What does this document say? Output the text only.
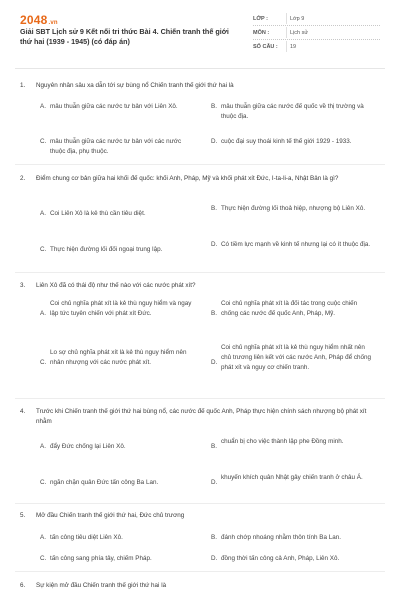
2048.vn
Giải SBT Lịch sử 9 Kết nối tri thức Bài 4. Chiến tranh thế giới thứ hai (1939 - 1945) (có đáp án)
LỚP :	Lớp 9
MÔN :	Lịch sử
SỐ CÂU :	19
1. Nguyên nhân sâu xa dẫn tới sự bùng nổ Chiến tranh thế giới thứ hai là
A. mâu thuẫn giữa các nước tư bản với Liên Xô.	B. mâu thuẫn giữa các nước đế quốc về thị trường và thuộc địa.
C. mâu thuẫn giữa các nước tư bản với các nước thuộc địa, phụ thuộc.
D. cuộc đại suy thoái kinh tế thế giới 1929 - 1933.
2. Điểm chung cơ bản giữa hai khối đế quốc: khối Anh, Pháp, Mỹ và khối phát xít Đức, I-ta-li-a, Nhật Bản là gì?
A. Coi Liên Xô là kẻ thù cần tiêu diệt.
B. Thực hiện đường lối thoả hiệp, nhượng bộ Liên Xô.
C. Thực hiện đường lối đối ngoại trung lập.
D. Có tiềm lực mạnh về kinh tế nhưng lại có ít thuộc địa.
3. Liên Xô đã có thái độ như thế nào với các nước phát xít?
A.
Coi chủ nghĩa phát xít là kẻ thù nguy hiểm và ngay lập tức tuyên chiến với phát xít Đức.	B.
Coi chủ nghĩa phát xít là đối tác trong cuộc chiến chống các nước đế quốc Anh, Pháp, Mỹ.
C.
Lo sợ chủ nghĩa phát xít là kẻ thù nguy hiểm nên nhân nhượng với các nước phát xít.	D.
Coi chủ nghĩa phát xít là kẻ thù nguy hiểm nhất nên chủ trương liên kết với các nước Anh, Pháp để chống phát xít và nguy cơ chiến tranh.
4. Trước khi Chiến tranh thế giới thứ hai bùng nổ, các nước đế quốc Anh, Pháp thực hiện chính sách nhượng bộ phát xít nhằm
A. đẩy Đức chống lại Liên Xô.	B.
chuẩn bị cho việc thành lập phe Đồng minh.
C. ngăn chặn quân Đức tấn công Ba Lan.	D.
khuyến khích quân Nhật gây chiến tranh ở châu Á.
5. Mở đầu Chiến tranh thế giới thứ hai, Đức chủ trương
A. tấn công tiêu diệt Liên Xô.	B. đánh chớp nhoáng nhằm thôn tính Ba Lan.
C. tấn công sang phía tây, chiếm Pháp.	D. đồng thời tấn công cả Anh, Pháp, Liên Xô.
6. Sự kiện mở đầu Chiến tranh thế giới thứ hai là
